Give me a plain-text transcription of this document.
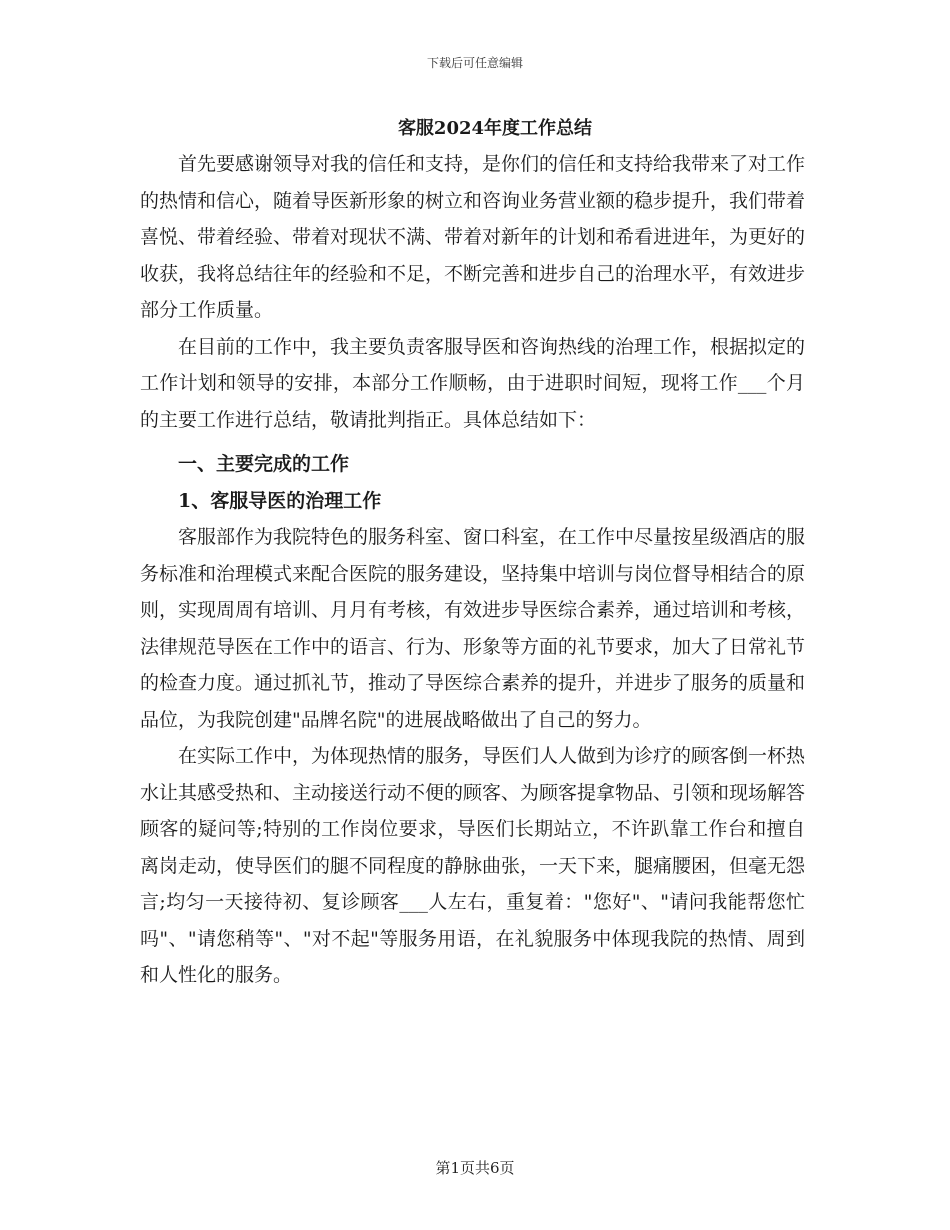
下载后可任意编辑
客服2024年度工作总结

首先要感谢领导对我的信任和支持，是你们的信任和支持给我带来了对工作的热情和信心，随着导医新形象的树立和咨询业务营业额的稳步提升，我们带着喜悦、带着经验、带着对现状不满、带着对新年的计划和希看进进年，为更好的收获，我将总结往年的经验和不足，不断完善和进步自己的治理水平，有效进步部分工作质量。

在目前的工作中，我主要负责客服导医和咨询热线的治理工作，根据拟定的工作计划和领导的安排，本部分工作顺畅，由于进职时间短，现将工作___个月的主要工作进行总结，敬请批判指正。具体总结如下：

一、主要完成的工作

1、客服导医的治理工作

客服部作为我院特色的服务科室、窗口科室，在工作中尽量按星级酒店的服务标准和治理模式来配合医院的服务建设，坚持集中培训与岗位督导相结合的原则，实现周周有培训、月月有考核，有效进步导医综合素养，通过培训和考核，法律规范导医在工作中的语言、行为、形象等方面的礼节要求，加大了日常礼节的检查力度。通过抓礼节，推动了导医综合素养的提升，并进步了服务的质量和品位，为我院创建"品牌名院"的进展战略做出了自己的努力。

在实际工作中，为体现热情的服务，导医们人人做到为诊疗的顾客倒一杯热水让其感受热和、主动接送行动不便的顾客、为顾客提拿物品、引领和现场解答顾客的疑问等;特别的工作岗位要求，导医们长期站立，不许趴靠工作台和擅自离岗走动，使导医们的腿不同程度的静脉曲张，一天下来，腿痛腰困，但毫无怨言;均匀一天接待初、复诊顾客___人左右，重复着："您好"、"请问我能帮您忙吗"、"请您稍等"、"对不起"等服务用语，在礼貌服务中体现我院的热情、周到和人性化的服务。

第1页共6页
